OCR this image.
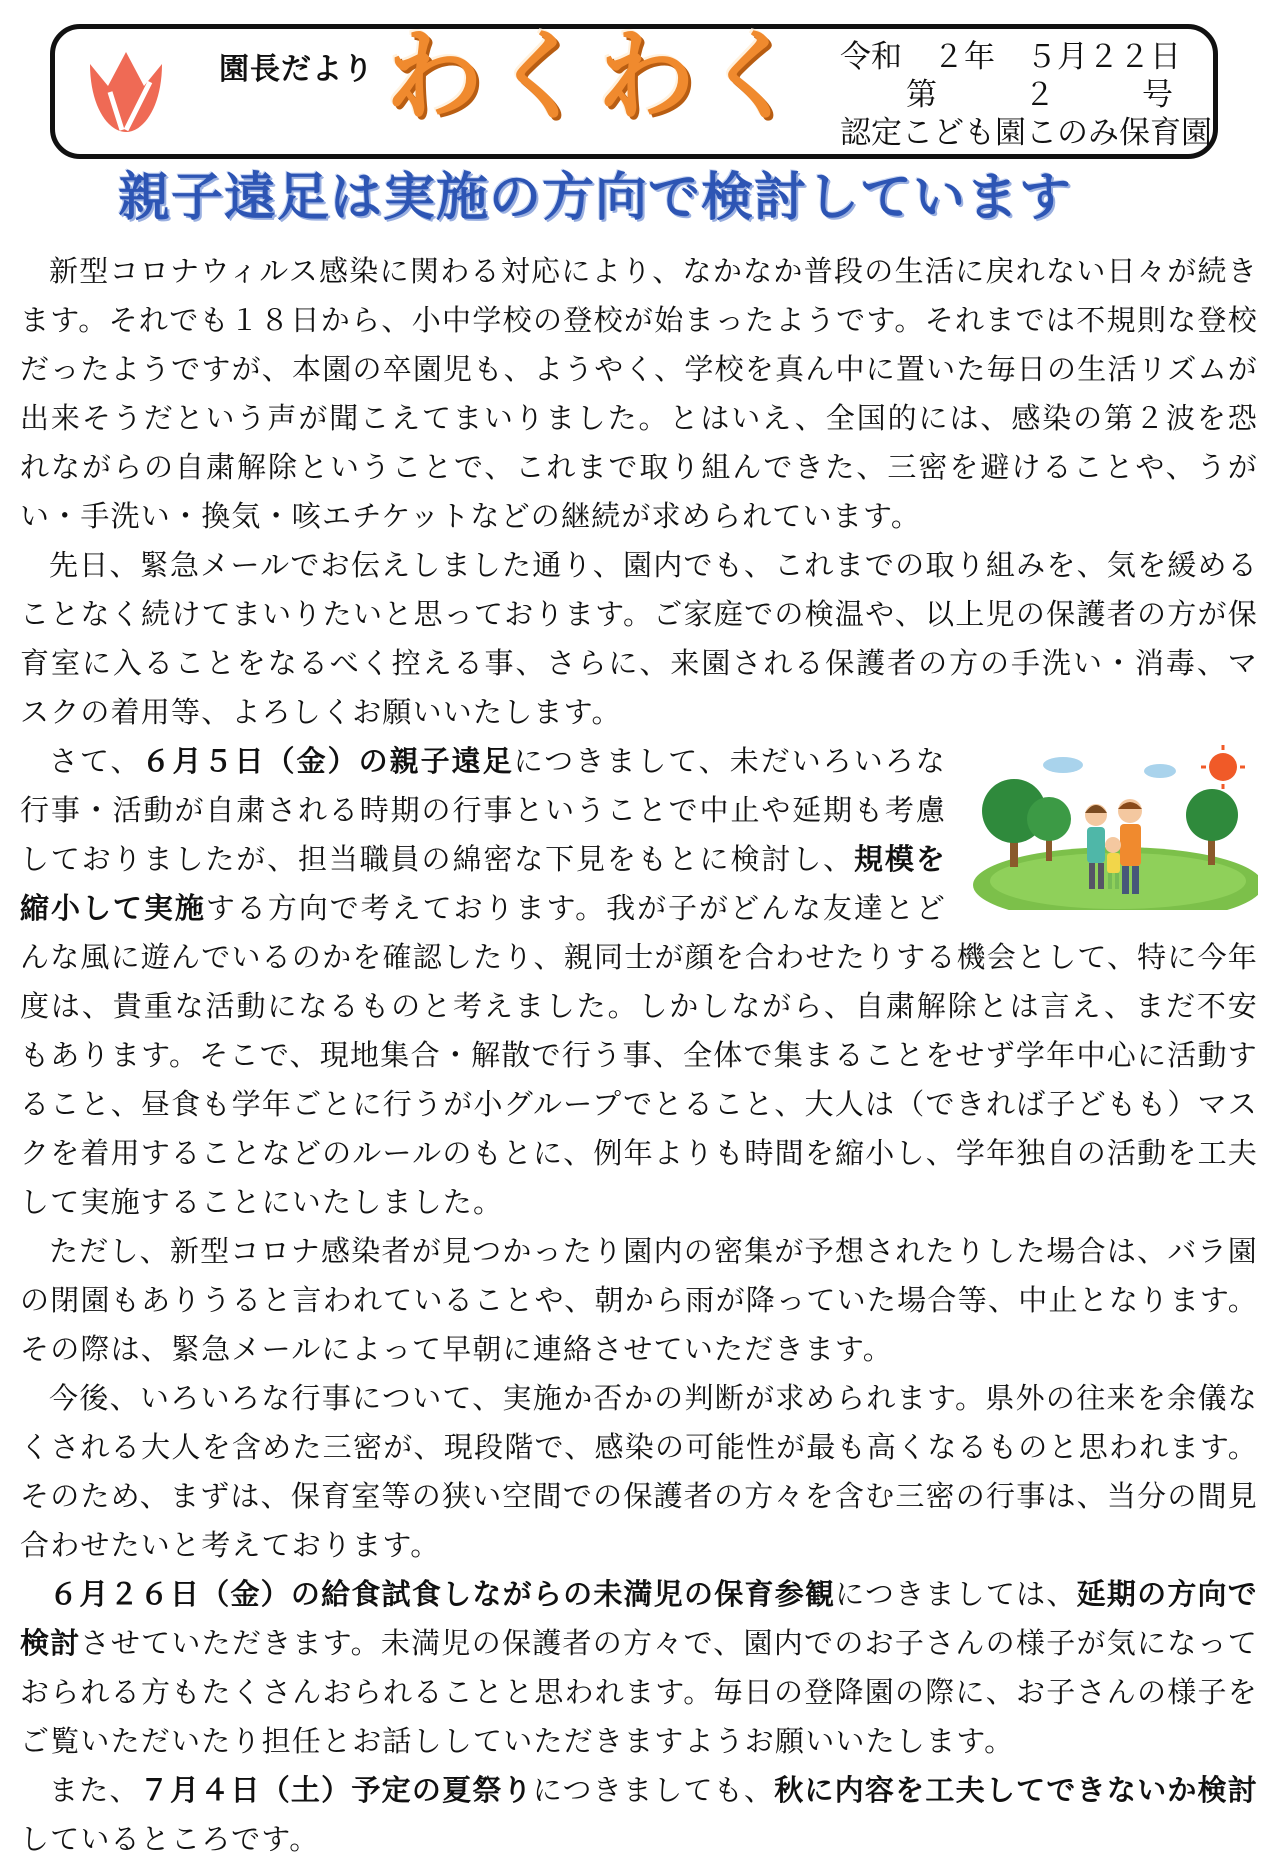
園長だより わくわく 令和　２年　５月２２日
第　２　号
認定こども園このみ保育園
親子遠足は実施の方向で検討しています

新型コロナウィルス感染に関わる対応により、なかなか普段の生活に戻れない日々が続きます。それでも１８日から、小中学校の登校が始まったようです。それまでは不規則な登校だったようですが、本園の卒園児も、ようやく、学校を真ん中に置いた毎日の生活リズムが出来そうだという声が聞こえてまいりました。とはいえ、全国的には、感染の第２波を恐れながらの自粛解除ということで、これまで取り組んできた、三密を避けることや、うがい・手洗い・換気・咳エチケットなどの継続が求められています。

先日、緊急メールでお伝えしました通り、園内でも、これまでの取り組みを、気を緩めることなく続けてまいりたいと思っております。ご家庭での検温や、以上児の保護者の方が保育室に入ることをなるべく控える事、さらに、来園される保護者の方の手洗い・消毒、マスクの着用等、よろしくお願いいたします。

さて、６月５日（金）の親子遠足につきまして、未だいろいろな行事・活動が自粛される時期の行事ということで中止や延期も考慮しておりましたが、担当職員の綿密な下見をもとに検討し、規模を縮小して実施する方向で考えております。我が子がどんな友達とどんな風に遊んでいるのかを確認したり、親同士が顔を合わせたりする機会として、特に今年度は、貴重な活動になるものと考えました。しかしながら、自粛解除とは言え、まだ不安もあります。そこで、現地集合・解散で行う事、全体で集まることをせず学年中心に活動すること、昼食も学年ごとに行うが小グループでとること、大人は（できれば子どもも）マスクを着用することなどのルールのもとに、例年よりも時間を縮小し、学年独自の活動を工夫して実施することにいたしました。

ただし、新型コロナ感染者が見つかったり園内の密集が予想されたりした場合は、バラ園の閉園もありうると言われていることや、朝から雨が降っていた場合等、中止となります。その際は、緊急メールによって早朝に連絡させていただきます。

今後、いろいろな行事について、実施か否かの判断が求められます。県外の往来を余儀なくされる大人を含めた三密が、現段階で、感染の可能性が最も高くなるものと思われます。そのため、まずは、保育室等の狭い空間での保護者の方々を含む三密の行事は、当分の間見合わせたいと考えております。

６月２６日（金）の給食試食しながらの未満児の保育参観につきましては、延期の方向で検討させていただきます。未満児の保護者の方々で、園内でのお子さんの様子が気になっておられる方もたくさんおられることと思われます。毎日の登降園の際に、お子さんの様子をご覧いただいたり担任とお話ししていただきますようお願いいたします。

また、７月４日（土）予定の夏祭りにつきましても、秋に内容を工夫してできないか検討しているところです。
